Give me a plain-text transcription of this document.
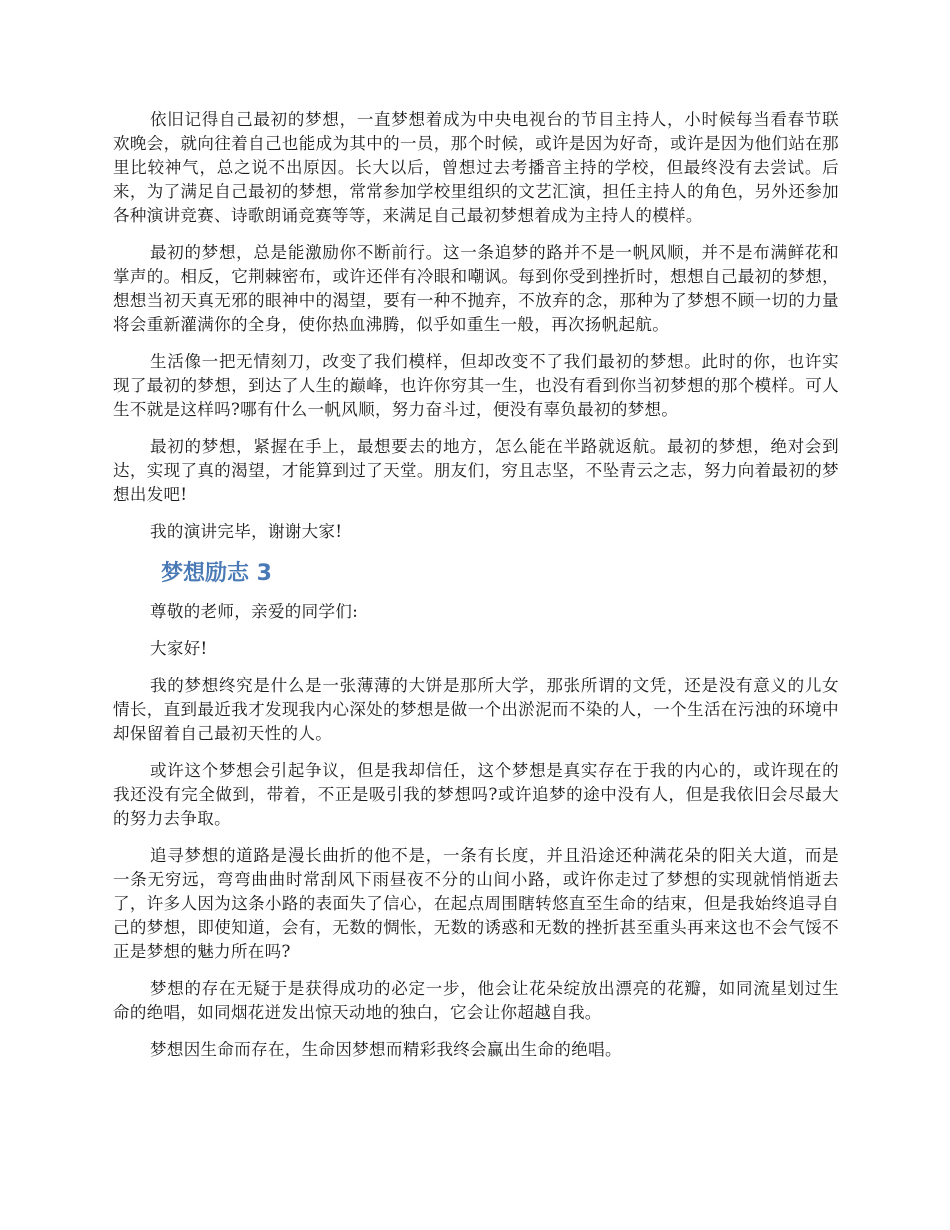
依旧记得自己最初的梦想，一直梦想着成为中央电视台的节目主持人，小时候每当看春节联欢晚会，就向往着自己也能成为其中的一员，那个时候，或许是因为好奇，或许是因为他们站在那里比较神气，总之说不出原因。长大以后，曾想过去考播音主持的学校，但最终没有去尝试。后来，为了满足自己最初的梦想，常常参加学校里组织的文艺汇演，担任主持人的角色，另外还参加各种演讲竞赛、诗歌朗诵竞赛等等，来满足自己最初梦想着成为主持人的模样。

最初的梦想，总是能激励你不断前行。这一条追梦的路并不是一帆风顺，并不是布满鲜花和掌声的。相反，它荆棘密布，或许还伴有冷眼和嘲讽。每到你受到挫折时，想想自己最初的梦想，想想当初天真无邪的眼神中的渴望，要有一种不抛弃，不放弃的念，那种为了梦想不顾一切的力量将会重新灌满你的全身，使你热血沸腾，似乎如重生一般，再次扬帆起航。

生活像一把无情刻刀，改变了我们模样，但却改变不了我们最初的梦想。此时的你，也许实现了最初的梦想，到达了人生的巅峰，也许你穷其一生，也没有看到你当初梦想的那个模样。可人生不就是这样吗?哪有什么一帆风顺，努力奋斗过，便没有辜负最初的梦想。

最初的梦想，紧握在手上，最想要去的地方，怎么能在半路就返航。最初的梦想，绝对会到达，实现了真的渴望，才能算到过了天堂。朋友们，穷且志坚，不坠青云之志，努力向着最初的梦想出发吧!

我的演讲完毕，谢谢大家!

梦想励志 3

尊敬的老师，亲爱的同学们:

大家好!

我的梦想终究是什么是一张薄薄的大饼是那所大学，那张所谓的文凭，还是没有意义的儿女情长，直到最近我才发现我内心深处的梦想是做一个出淤泥而不染的人，一个生活在污浊的环境中却保留着自己最初天性的人。

或许这个梦想会引起争议，但是我却信任，这个梦想是真实存在于我的内心的，或许现在的我还没有完全做到，带着，不正是吸引我的梦想吗?或许追梦的途中没有人，但是我依旧会尽最大的努力去争取。

追寻梦想的道路是漫长曲折的他不是，一条有长度，并且沿途还种满花朵的阳关大道，而是一条无穷远，弯弯曲曲时常刮风下雨昼夜不分的山间小路，或许你走过了梦想的实现就悄悄逝去了，许多人因为这条小路的表面失了信心，在起点周围瞎转悠直至生命的结束，但是我始终追寻自己的梦想，即使知道，会有，无数的惆怅，无数的诱惑和无数的挫折甚至重头再来这也不会气馁不正是梦想的魅力所在吗?

梦想的存在无疑于是获得成功的必定一步，他会让花朵绽放出漂亮的花瓣，如同流星划过生命的绝唱，如同烟花迸发出惊天动地的独白，它会让你超越自我。

梦想因生命而存在，生命因梦想而精彩我终会赢出生命的绝唱。
